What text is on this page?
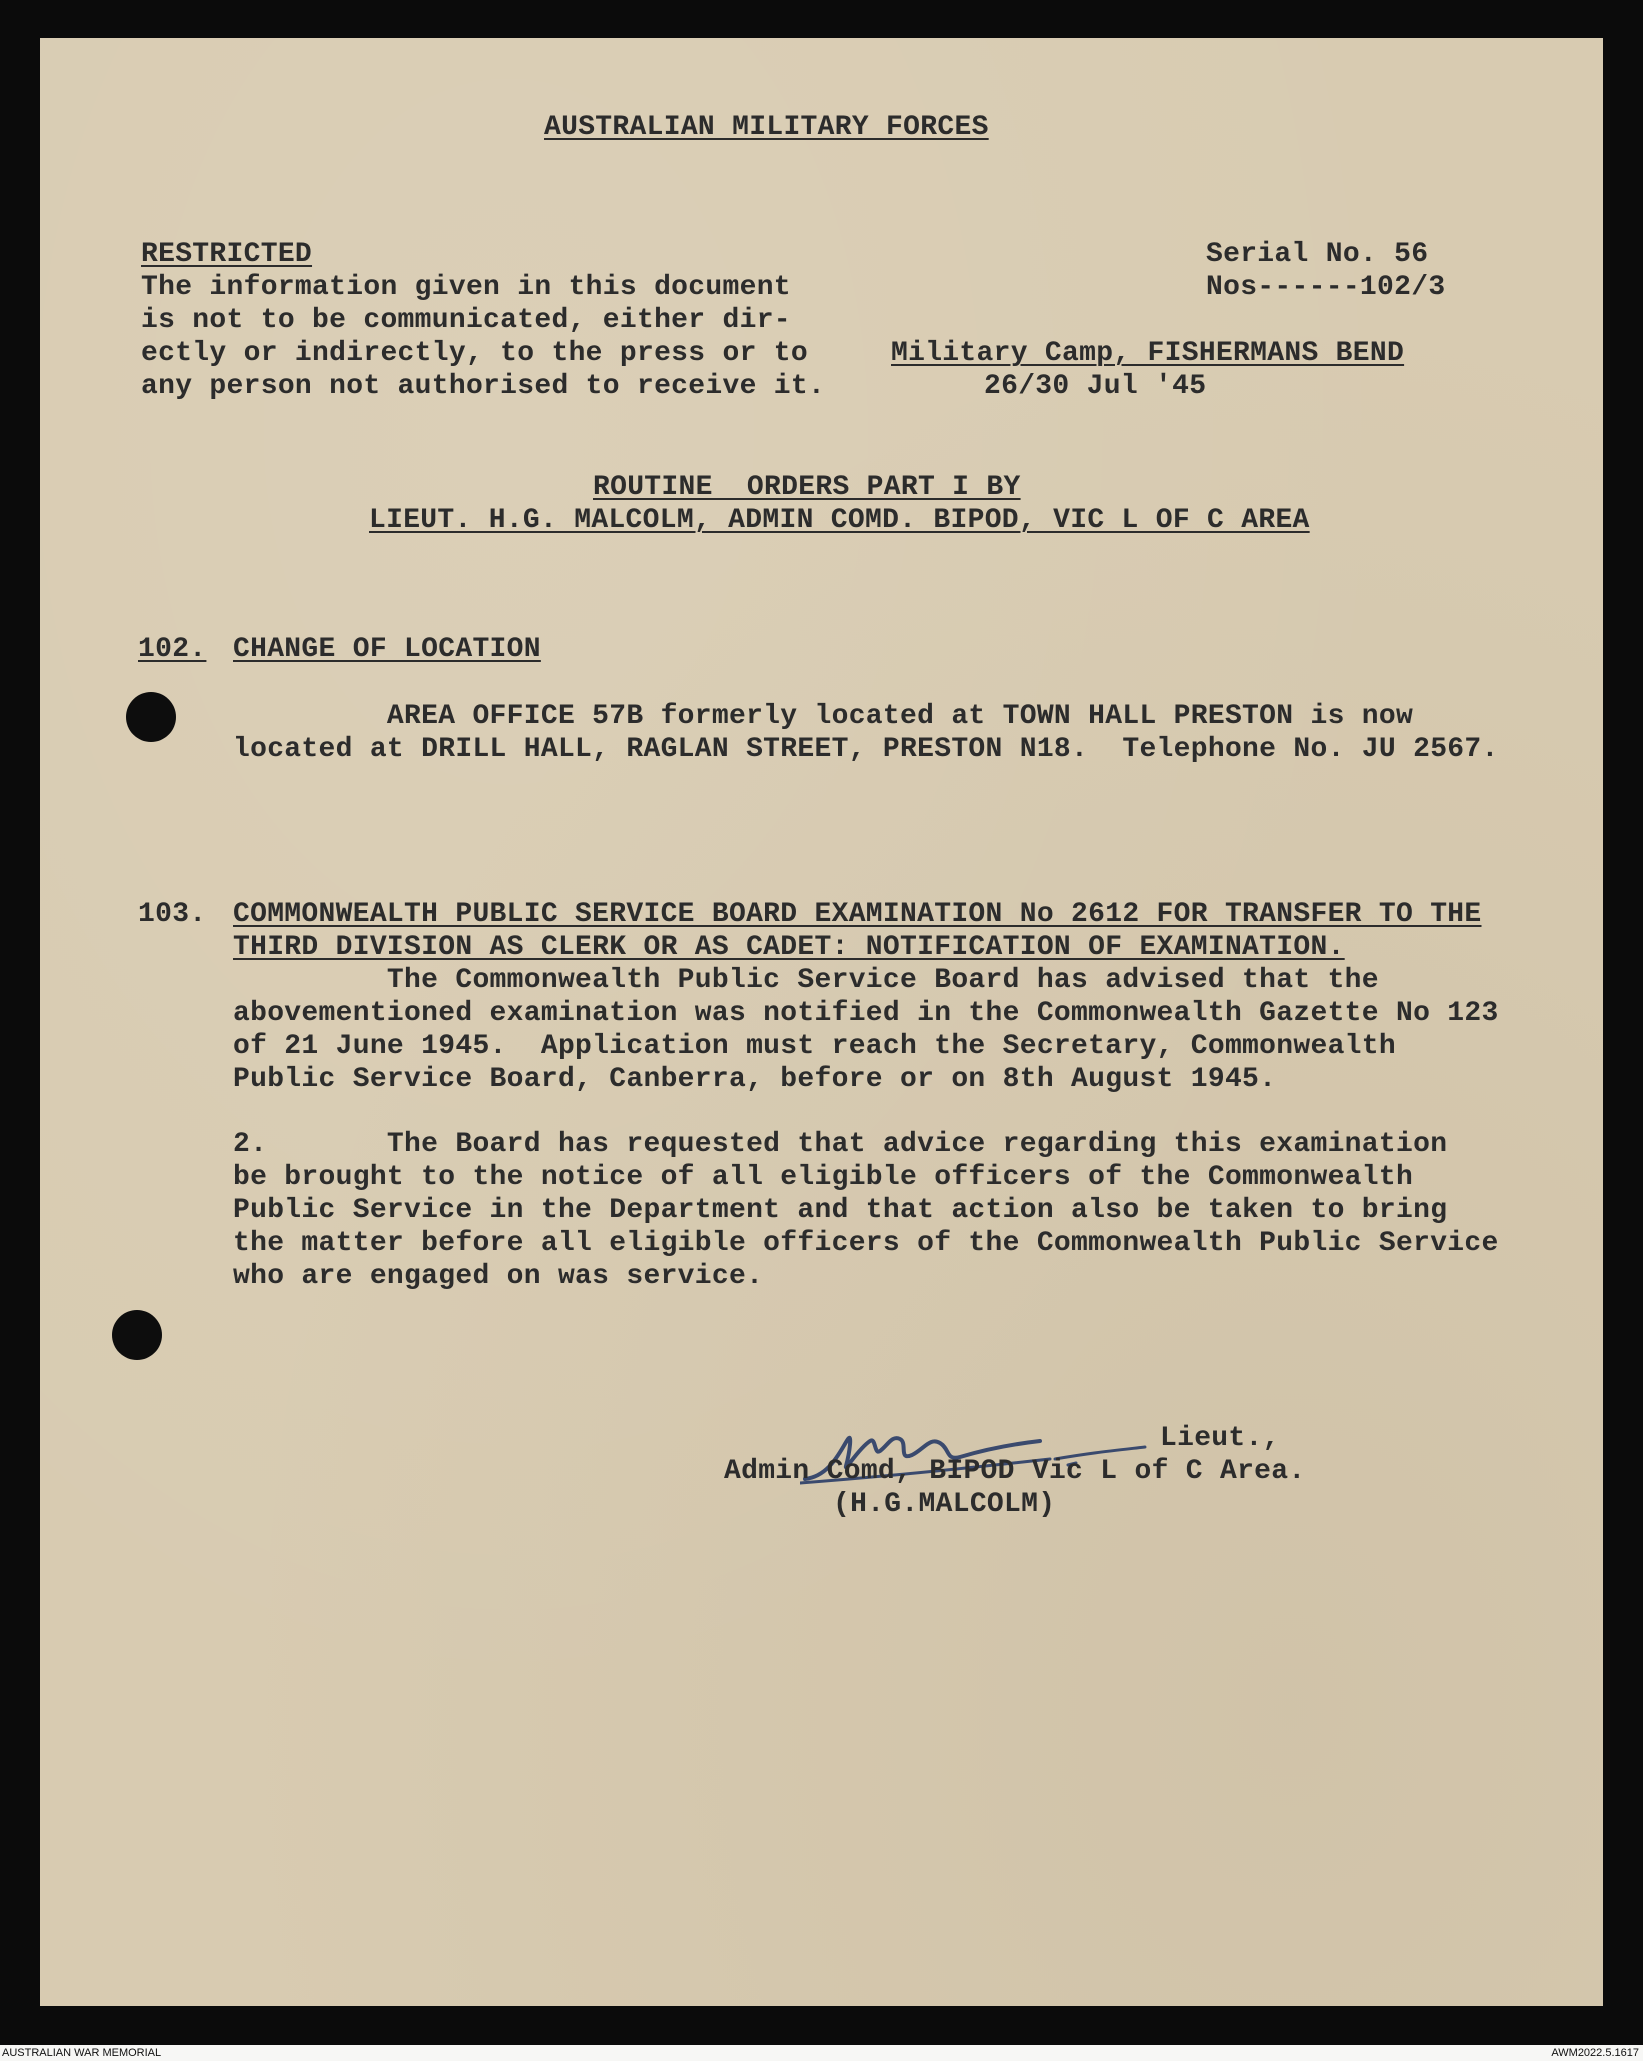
AUSTRALIAN MILITARY FORCES
RESTRICTED
The information given in this document
is not to be communicated, either dir-
ectly or indirectly, to the press or to
any person not authorised to receive it.
Serial No. 56
Nos------102/3
Military Camp, FISHERMANS BEND
26/30 Jul '45
ROUTINE  ORDERS PART I BY
LIEUT. H.G. MALCOLM, ADMIN COMD. BIPOD, VIC L OF C AREA
102. CHANGE OF LOCATION
AREA OFFICE 57B formerly located at TOWN HALL PRESTON is now
located at DRILL HALL, RAGLAN STREET, PRESTON N18.  Telephone No. JU 2567.
103. COMMONWEALTH PUBLIC SERVICE BOARD EXAMINATION No 2612 FOR TRANSFER TO THE
THIRD DIVISION AS CLERK OR AS CADET: NOTIFICATION OF EXAMINATION.
The Commonwealth Public Service Board has advised that the
abovementioned examination was notified in the Commonwealth Gazette No 123
of 21 June 1945.  Application must reach the Secretary, Commonwealth
Public Service Board, Canberra, before or on 8th August 1945.
2.       The Board has requested that advice regarding this examination
be brought to the notice of all eligible officers of the Commonwealth
Public Service in the Department and that action also be taken to bring
the matter before all eligible officers of the Commonwealth Public Service
who are engaged on was service.
Lieut.,
Admin Comd, BIPOD Vic L of C Area.
(H.G.MALCOLM)
AUSTRALIAN WAR MEMORIAL	AWM2022.5.1617
